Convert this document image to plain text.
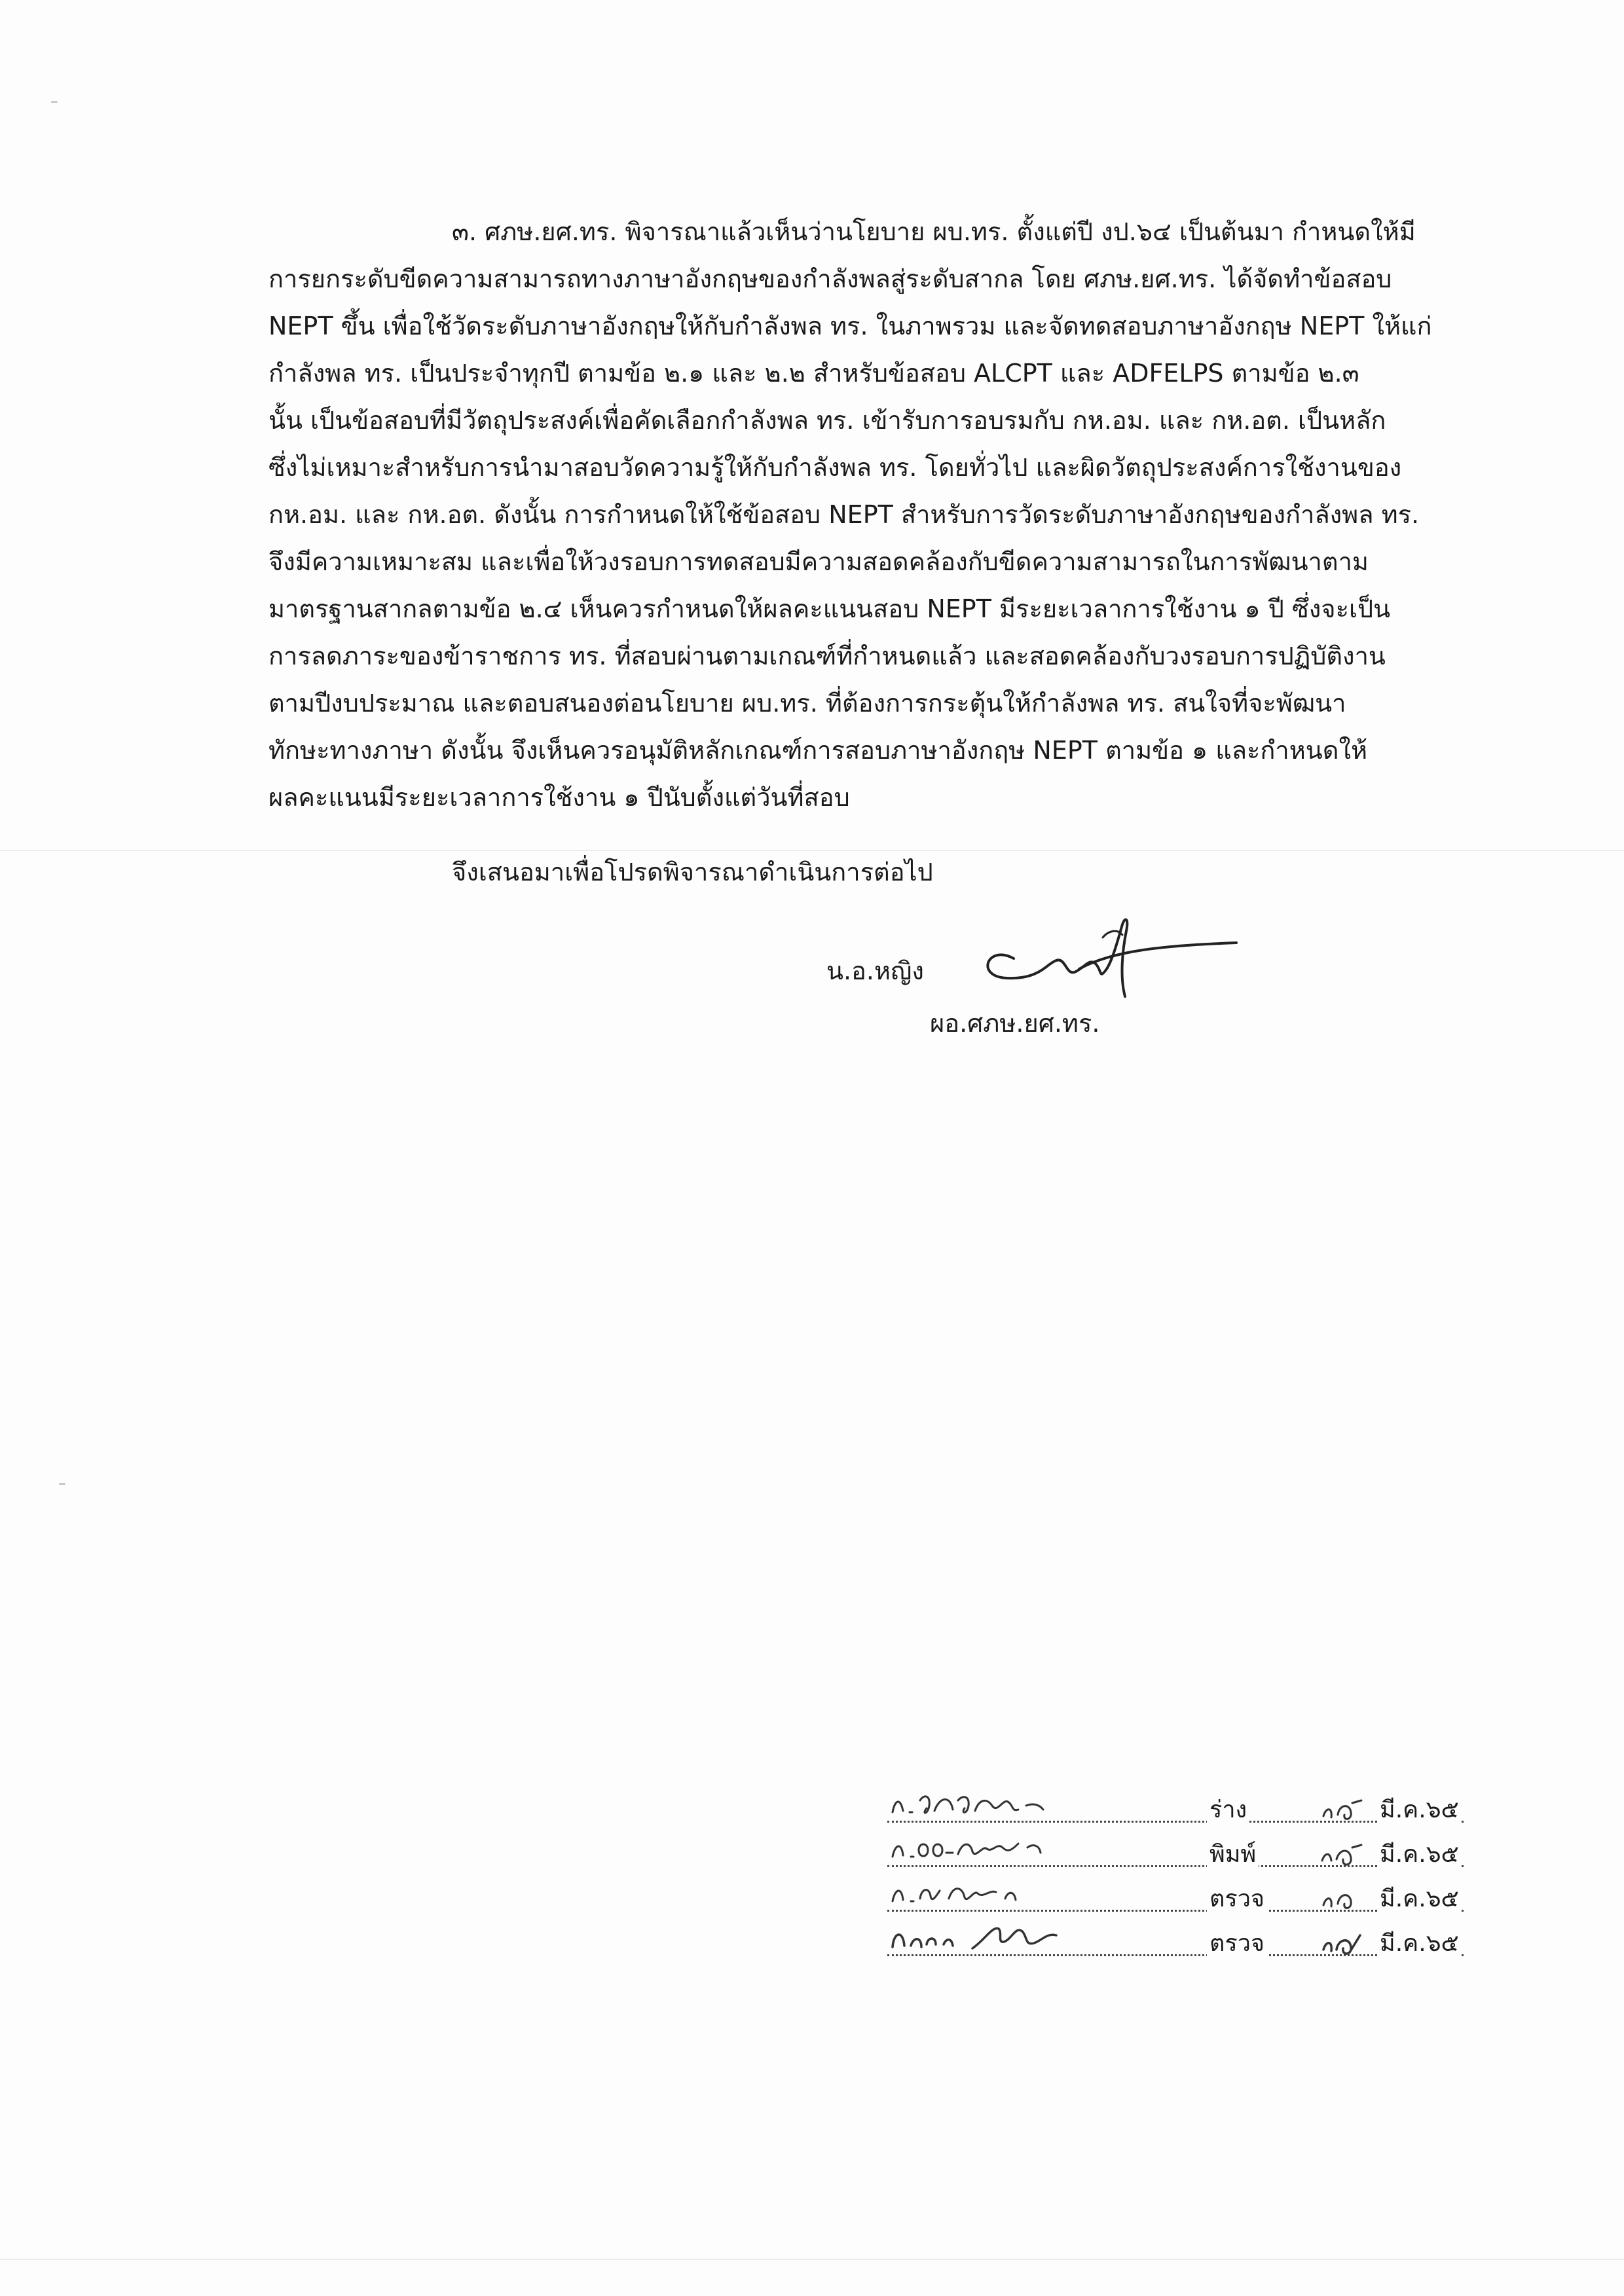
๓. ศภษ.ยศ.ทร. พิจารณาแล้วเห็นว่านโยบาย ผบ.ทร. ตั้งแต่ปี งป.๖๔ เป็นต้นมา กำหนดให้มี
การยกระดับขีดความสามารถทางภาษาอังกฤษของกำลังพลสู่ระดับสากล โดย ศภษ.ยศ.ทร. ได้จัดทำข้อสอบ
NEPT ขึ้น เพื่อใช้วัดระดับภาษาอังกฤษให้กับกำลังพล ทร. ในภาพรวม และจัดทดสอบภาษาอังกฤษ NEPT ให้แก่
กำลังพล ทร. เป็นประจำทุกปี ตามข้อ ๒.๑ และ ๒.๒ สำหรับข้อสอบ ALCPT และ ADFELPS ตามข้อ ๒.๓
นั้น เป็นข้อสอบที่มีวัตถุประสงค์เพื่อคัดเลือกกำลังพล ทร. เข้ารับการอบรมกับ กห.อม. และ กห.อต. เป็นหลัก
ซึ่งไม่เหมาะสำหรับการนำมาสอบวัดความรู้ให้กับกำลังพล ทร. โดยทั่วไป และผิดวัตถุประสงค์การใช้งานของ
กห.อม. และ กห.อต. ดังนั้น การกำหนดให้ใช้ข้อสอบ NEPT สำหรับการวัดระดับภาษาอังกฤษของกำลังพล ทร.
จึงมีความเหมาะสม และเพื่อให้วงรอบการทดสอบมีความสอดคล้องกับขีดความสามารถในการพัฒนาตาม
มาตรฐานสากลตามข้อ ๒.๔ เห็นควรกำหนดให้ผลคะแนนสอบ NEPT มีระยะเวลาการใช้งาน ๑ ปี ซึ่งจะเป็น
การลดภาระของข้าราชการ ทร. ที่สอบผ่านตามเกณฑ์ที่กำหนดแล้ว และสอดคล้องกับวงรอบการปฏิบัติงาน
ตามปีงบประมาณ และตอบสนองต่อนโยบาย ผบ.ทร. ที่ต้องการกระตุ้นให้กำลังพล ทร. สนใจที่จะพัฒนา
ทักษะทางภาษา ดังนั้น จึงเห็นควรอนุมัติหลักเกณฑ์การสอบภาษาอังกฤษ NEPT ตามข้อ ๑ และกำหนดให้
ผลคะแนนมีระยะเวลาการใช้งาน ๑ ปีนับตั้งแต่วันที่สอบ
จึงเสนอมาเพื่อโปรดพิจารณาดำเนินการต่อไป
น.อ.หญิง
ผอ.ศภษ.ยศ.ทร.
ร่าง	มี.ค.๖๕
พิมพ์	มี.ค.๖๕
ตรวจ	มี.ค.๖๕
ตรวจ	มี.ค.๖๕
